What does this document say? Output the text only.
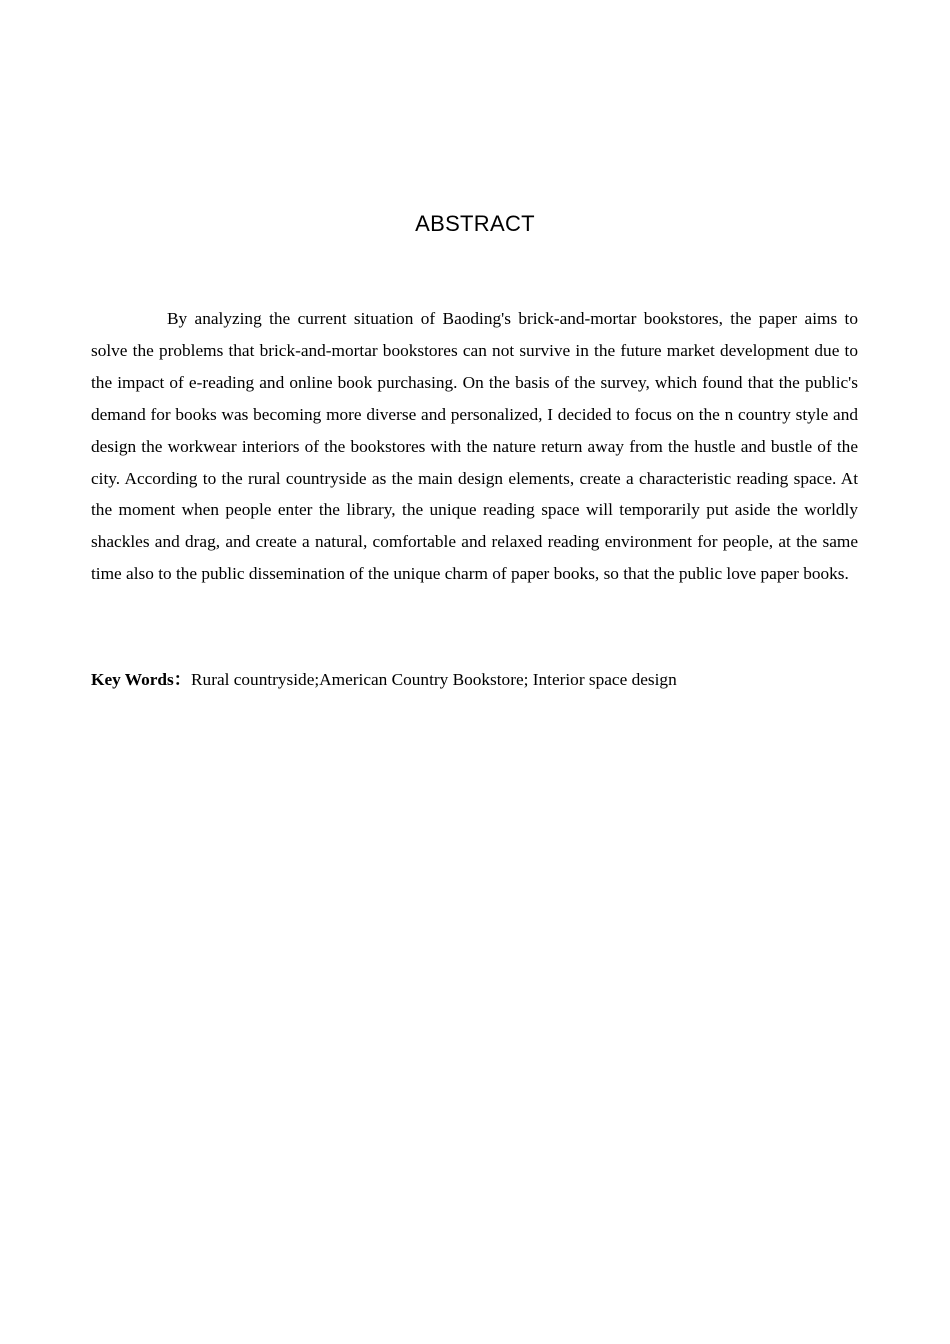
ABSTRACT

By analyzing the current situation of Baoding's brick-and-mortar bookstores, the paper aims to solve the problems that brick-and-mortar bookstores can not survive in the future market development due to the impact of e-reading and online book purchasing. On the basis of the survey, which found that the public's demand for books was becoming more diverse and personalized, I decided to focus on the n country style and design the workwear interiors of the bookstores with the nature return away from the hustle and bustle of the city. According to the rural countryside as the main design elements, create a characteristic reading space. At the moment when people enter the library, the unique reading space will temporarily put aside the worldly shackles and drag, and create a natural, comfortable and relaxed reading environment for people, at the same time also to the public dissemination of the unique charm of paper books, so that the public love paper books.

Key Words：Rural countryside;American Country Bookstore; Interior space design
